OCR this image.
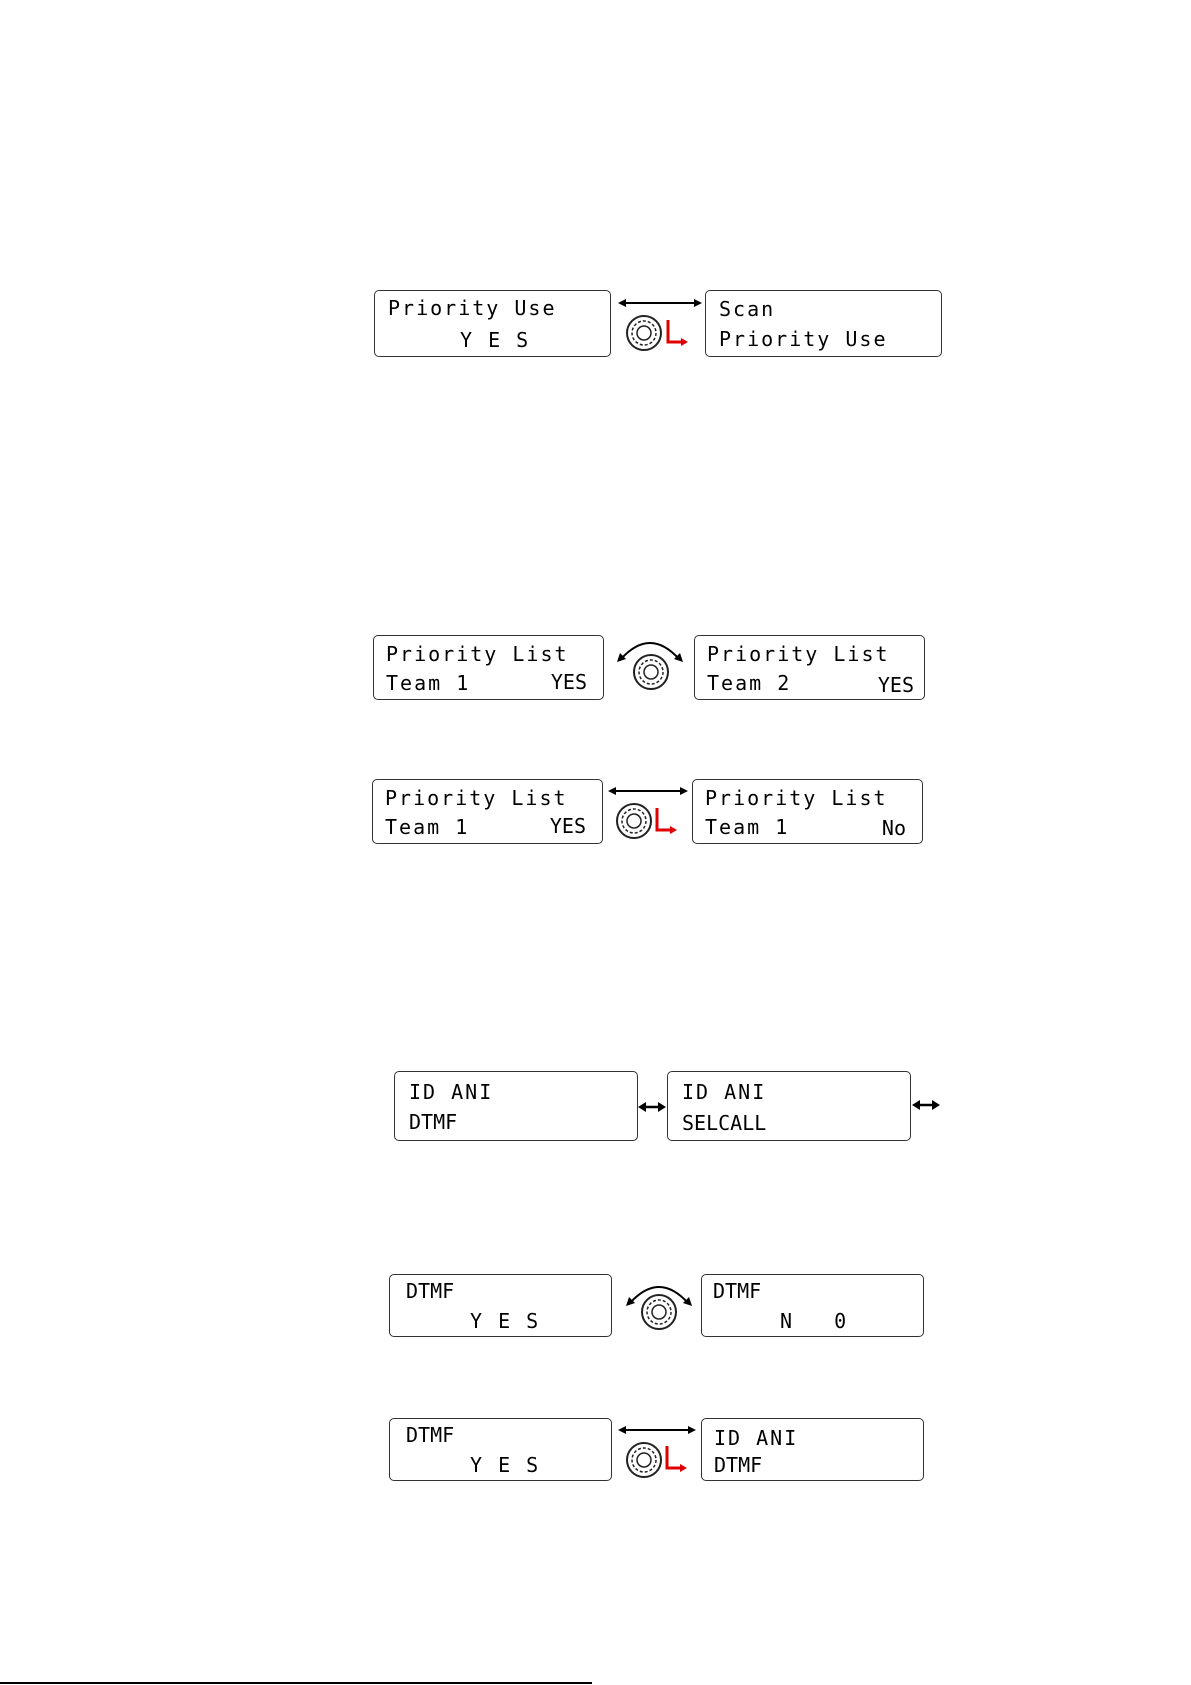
Priority Use
Y E S
Scan
Priority Use
Priority List
Team 1	YES
Priority List
Team 2	YES
Priority List
Team 1	YES
Priority List
Team 1	No
ID ANI
DTMF
ID ANI
SELCALL
DTMF
Y E S
DTMF
N  0
DTMF
Y E S
ID ANI
DTMF
